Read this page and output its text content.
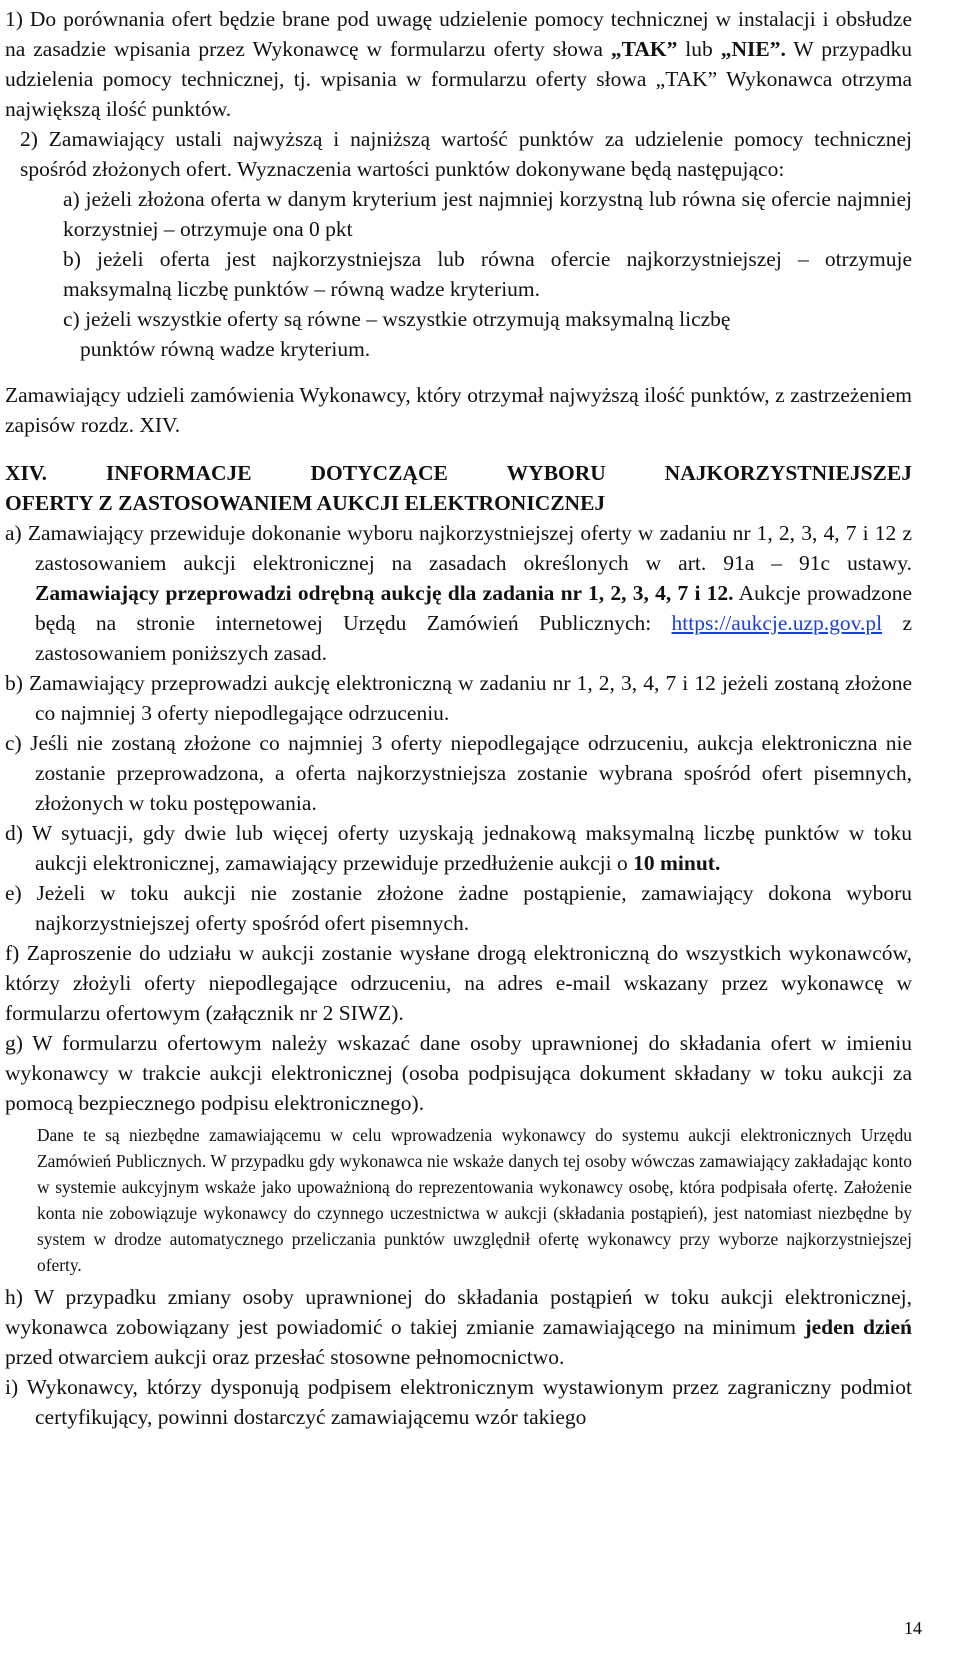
1) Do porównania ofert będzie brane pod uwagę udzielenie pomocy technicznej w instalacji i obsłudze na zasadzie wpisania przez Wykonawcę w formularzu oferty słowa „TAK” lub „NIE”. W przypadku udzielenia pomocy technicznej, tj. wpisania w formularzu oferty słowa „TAK” Wykonawca otrzyma największą ilość punktów.

2) Zamawiający ustali najwyższą i najniższą wartość punktów za udzielenie pomocy technicznej spośród złożonych ofert. Wyznaczenia wartości punktów dokonywane będą następująco:

a) jeżeli złożona oferta w danym kryterium jest najmniej korzystną lub równa się ofercie najmniej korzystniej – otrzymuje ona 0 pkt

b) jeżeli oferta jest najkorzystniejsza lub równa ofercie najkorzystniejszej – otrzymuje maksymalną liczbę punktów – równą wadze kryterium.

c) jeżeli wszystkie oferty są równe – wszystkie otrzymują maksymalną liczbę
punktów równą wadze kryterium.

Zamawiający udzieli zamówienia Wykonawcy, który otrzymał najwyższą ilość punktów, z zastrzeżeniem zapisów rozdz. XIV.

XIV.	INFORMACJE	DOTYCZĄCE	WYBORU	NAJKORZYSTNIEJSZEJ
OFERTY Z ZASTOSOWANIEM AUKCJI ELEKTRONICZNEJ

a) Zamawiający przewiduje dokonanie wyboru najkorzystniejszej oferty w zadaniu nr 1, 2, 3, 4, 7 i 12 z zastosowaniem aukcji elektronicznej na zasadach określonych w art. 91a – 91c ustawy. Zamawiający przeprowadzi odrębną aukcję dla zadania nr 1, 2, 3, 4, 7 i 12. Aukcje prowadzone będą na stronie internetowej Urzędu Zamówień Publicznych: https://aukcje.uzp.gov.pl z zastosowaniem poniższych zasad.

b) Zamawiający przeprowadzi aukcję elektroniczną w zadaniu nr 1, 2, 3, 4, 7 i 12 jeżeli zostaną złożone co najmniej 3 oferty niepodlegające odrzuceniu.

c) Jeśli nie zostaną złożone co najmniej 3 oferty niepodlegające odrzuceniu, aukcja elektroniczna nie zostanie przeprowadzona, a oferta najkorzystniejsza zostanie wybrana spośród ofert pisemnych, złożonych w toku postępowania.

d) W sytuacji, gdy dwie lub więcej oferty uzyskają jednakową maksymalną liczbę punktów w toku aukcji elektronicznej, zamawiający przewiduje przedłużenie aukcji o 10 minut.

e) Jeżeli w toku aukcji nie zostanie złożone żadne postąpienie, zamawiający dokona wyboru najkorzystniejszej oferty spośród ofert pisemnych.

f) Zaproszenie do udziału w aukcji zostanie wysłane drogą elektroniczną do wszystkich wykonawców, którzy złożyli oferty niepodlegające odrzuceniu, na adres e-mail wskazany przez wykonawcę w formularzu ofertowym (załącznik nr 2 SIWZ).

g) W formularzu ofertowym należy wskazać dane osoby uprawnionej do składania ofert w imieniu wykonawcy w trakcie aukcji elektronicznej (osoba podpisująca dokument składany w toku aukcji za pomocą bezpiecznego podpisu elektronicznego).

Dane te są niezbędne zamawiającemu w celu wprowadzenia wykonawcy do systemu aukcji elektronicznych Urzędu Zamówień Publicznych. W przypadku gdy wykonawca nie wskaże danych tej osoby wówczas zamawiający zakładając konto w systemie aukcyjnym wskaże jako upoważnioną do reprezentowania wykonawcy osobę, która podpisała ofertę. Założenie konta nie zobowiązuje wykonawcy do czynnego uczestnictwa w aukcji (składania postąpień), jest natomiast niezbędne by system w drodze automatycznego przeliczania punktów uwzględnił ofertę wykonawcy przy wyborze najkorzystniejszej oferty.

h) W przypadku zmiany osoby uprawnionej do składania postąpień w toku aukcji elektronicznej, wykonawca zobowiązany jest powiadomić o takiej zmianie zamawiającego na minimum jeden dzień przed otwarciem aukcji oraz przesłać stosowne pełnomocnictwo.

i) Wykonawcy, którzy dysponują podpisem elektronicznym wystawionym przez zagraniczny podmiot certyfikujący, powinni dostarczyć zamawiającemu wzór takiego

14
